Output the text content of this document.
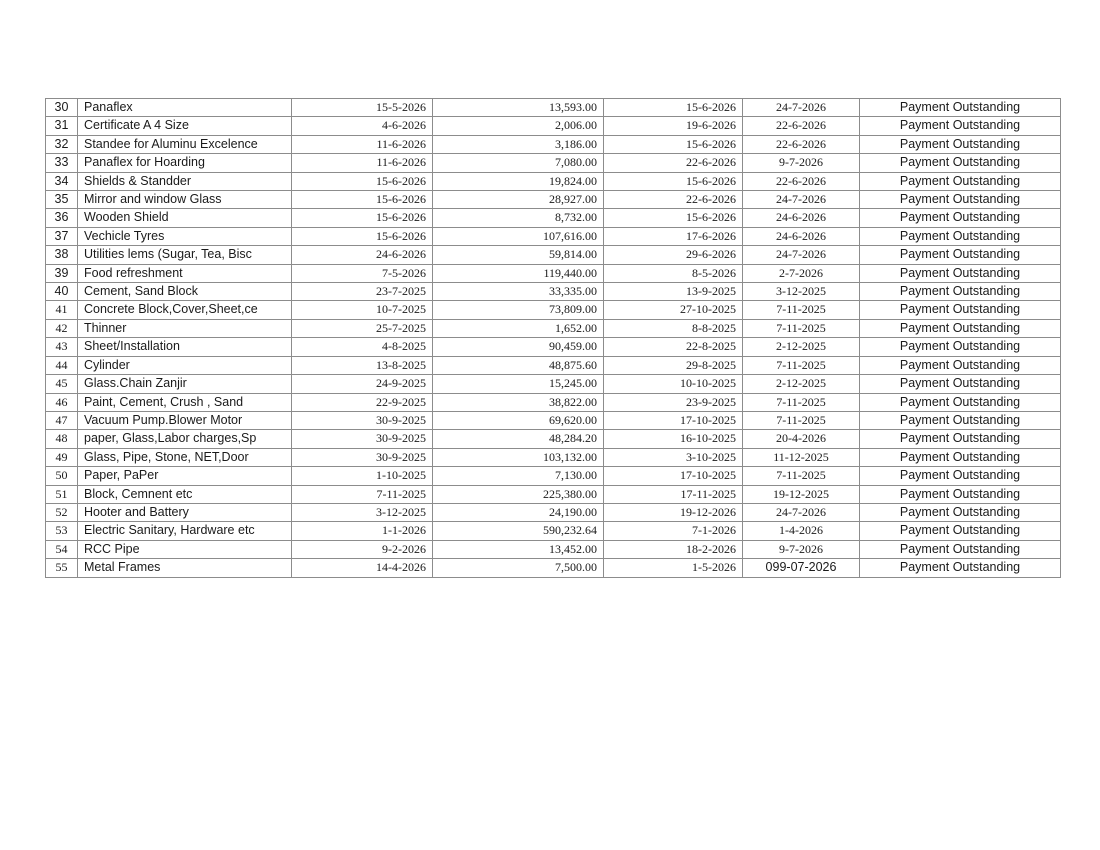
30	Panaflex	15-5-2026	13,593.00	15-6-2026	24-7-2026	Payment Outstanding
31	Certificate A 4 Size	4-6-2026	2,006.00	19-6-2026	22-6-2026	Payment Outstanding
32	Standee for Aluminu Excelence	11-6-2026	3,186.00	15-6-2026	22-6-2026	Payment Outstanding
33	Panaflex for Hoarding	11-6-2026	7,080.00	22-6-2026	9-7-2026	Payment Outstanding
34	Shields & Standder	15-6-2026	19,824.00	15-6-2026	22-6-2026	Payment Outstanding
35	Mirror and window Glass	15-6-2026	28,927.00	22-6-2026	24-7-2026	Payment Outstanding
36	Wooden Shield	15-6-2026	8,732.00	15-6-2026	24-6-2026	Payment Outstanding
37	Vechicle Tyres	15-6-2026	107,616.00	17-6-2026	24-6-2026	Payment Outstanding
38	Utilities lems (Sugar, Tea, Bisc	24-6-2026	59,814.00	29-6-2026	24-7-2026	Payment Outstanding
39	Food refreshment	7-5-2026	119,440.00	8-5-2026	2-7-2026	Payment Outstanding
40	Cement, Sand Block	23-7-2025	33,335.00	13-9-2025	3-12-2025	Payment Outstanding
41	Concrete Block,Cover,Sheet,ce	10-7-2025	73,809.00	27-10-2025	7-11-2025	Payment Outstanding
42	Thinner	25-7-2025	1,652.00	8-8-2025	7-11-2025	Payment Outstanding
43	Sheet/Installation	4-8-2025	90,459.00	22-8-2025	2-12-2025	Payment Outstanding
44	Cylinder	13-8-2025	48,875.60	29-8-2025	7-11-2025	Payment Outstanding
45	Glass.Chain Zanjir	24-9-2025	15,245.00	10-10-2025	2-12-2025	Payment Outstanding
46	Paint, Cement, Crush , Sand	22-9-2025	38,822.00	23-9-2025	7-11-2025	Payment Outstanding
47	Vacuum Pump.Blower Motor	30-9-2025	69,620.00	17-10-2025	7-11-2025	Payment Outstanding
48	paper, Glass,Labor charges,Sp	30-9-2025	48,284.20	16-10-2025	20-4-2026	Payment Outstanding
49	Glass, Pipe, Stone, NET,Door	30-9-2025	103,132.00	3-10-2025	11-12-2025	Payment Outstanding
50	Paper, PaPer	1-10-2025	7,130.00	17-10-2025	7-11-2025	Payment Outstanding
51	Block, Cemnent etc	7-11-2025	225,380.00	17-11-2025	19-12-2025	Payment Outstanding
52	Hooter and Battery	3-12-2025	24,190.00	19-12-2026	24-7-2026	Payment Outstanding
53	Electric Sanitary, Hardware etc	1-1-2026	590,232.64	7-1-2026	1-4-2026	Payment Outstanding
54	RCC Pipe	9-2-2026	13,452.00	18-2-2026	9-7-2026	Payment Outstanding
55	Metal Frames	14-4-2026	7,500.00	1-5-2026	099-07-2026	Payment Outstanding
